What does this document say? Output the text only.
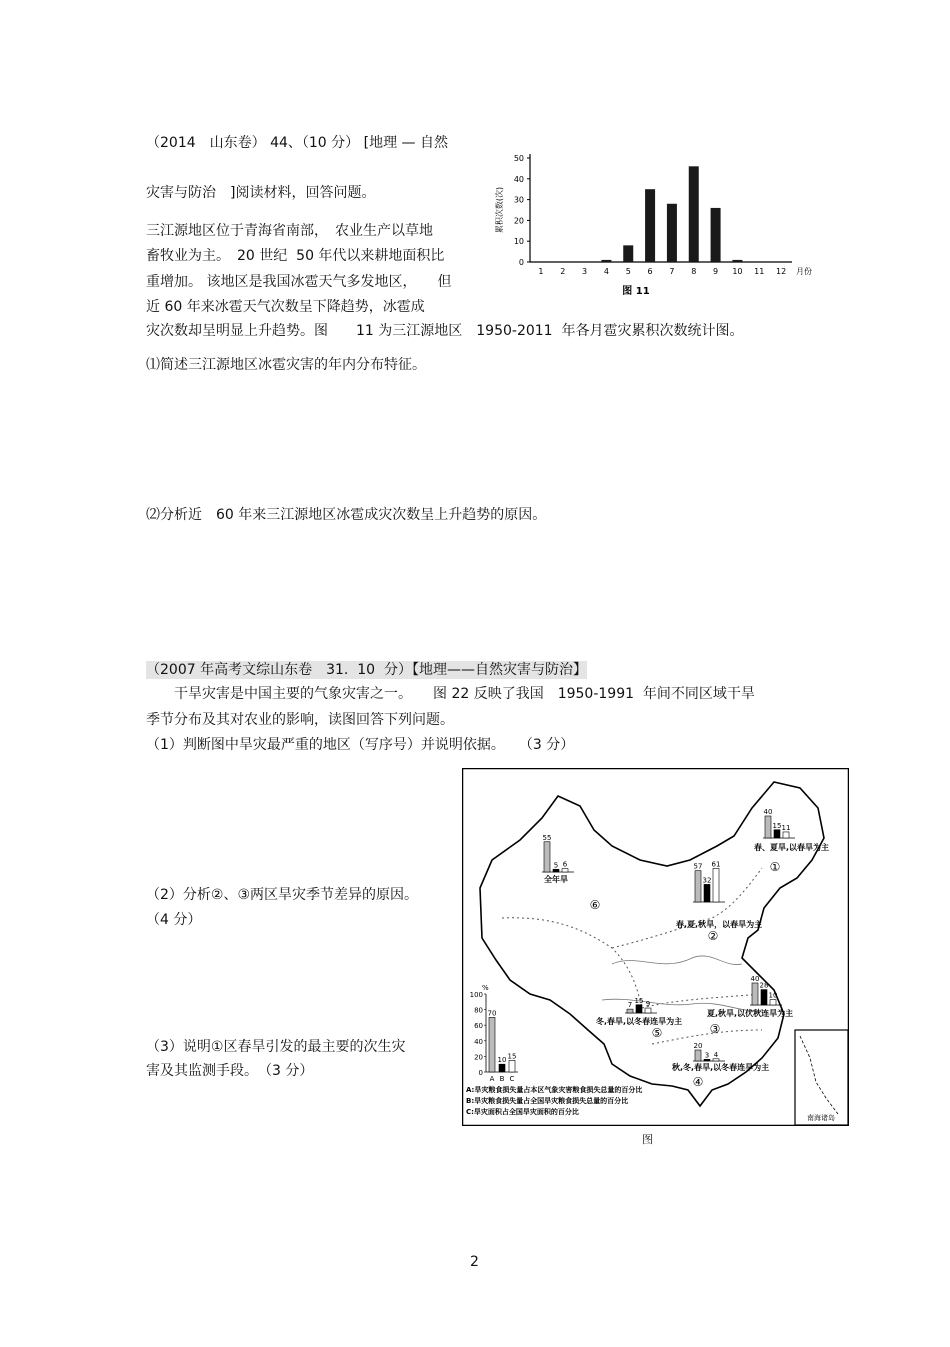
（2014　山东卷） 44、（10 分） [地理 — 自然

灾害与防治　]阅读材料，回答问题。

三江源地区位于青海省南部，　农业生产以草地

畜牧业为主。　20 世纪  50 年代以来耕地面积比

重增加。 该地区是我国冰雹天气多发地区，　　但

近 60 年来冰雹天气次数呈下降趋势，冰雹成

灾次数却呈明显上升趋势。图　　11 为三江源地区　1950-2011  年各月雹灾累积次数统计图。

⑴简述三江源地区冰雹灾害的年内分布特征。

⑵分析近　60 年来三江源地区冰雹成灾次数呈上升趋势的原因。

0
10
20
30
40
50
1 2 3 4 5 6 7 8 9 10 11 12 月份
累积次数(次)
图 11

（2007 年高考文综山东卷　31.  10  分）【地理——自然灾害与防治】

　　干旱灾害是中国主要的气象灾害之一。　　图 22 反映了我国　1950-1991  年间不同区域干旱

季节分布及其对农业的影响，读图回答下列问题。

（1）判断图中旱灾最严重的地区（写序号）并说明依据。　　（3 分）

（2）分析②、③两区旱灾季节差异的原因。

（4 分）

（3）说明①区春旱引发的最主要的次生灾

害及其监测手段。　（3 分）

55
5 6
全年旱
⑥
40
15 11
春、夏旱,以春旱为主
①
57
32
61
春,夏,秋旱，以春旱为主
②
40
28
10
夏,秋旱,以伏秋连旱为主
③
7
15 9
冬,春旱,以冬春连旱为主
⑤
20
3 4
秋,冬,春旱,以冬春连旱为主
④
%
100
80
60
40
20
0
70
A
10
B
15
C
A:旱灾粮食损失量占本区气象灾害粮食损失总量的百分比
B:旱灾粮食损失量占全国旱灾粮食损失总量的百分比
C:旱灾面积占全国旱灾面积的百分比
南海诸岛

图

2
